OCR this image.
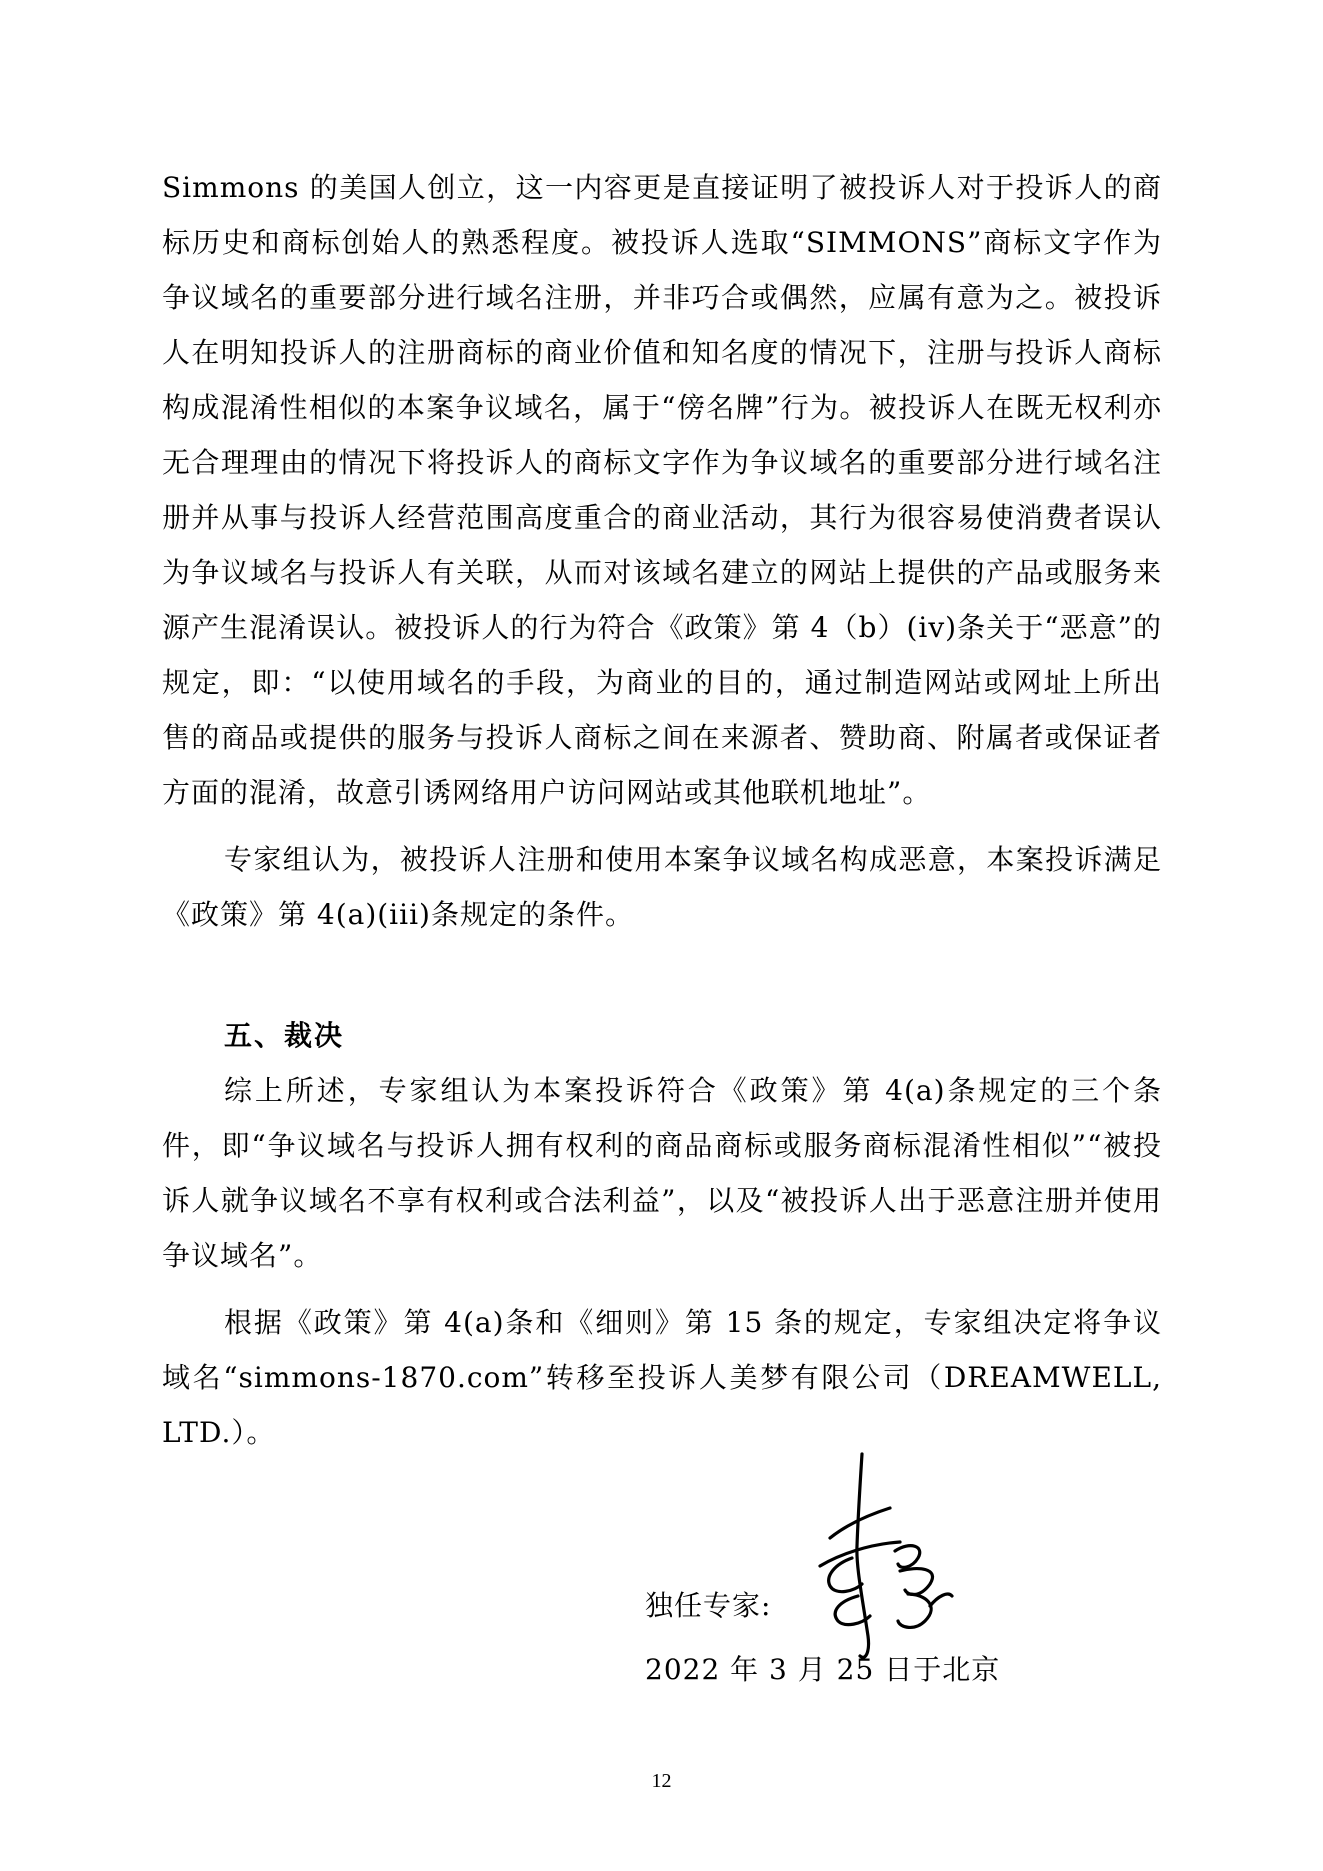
Simmons 的美国人创立，这一内容更是直接证明了被投诉人对于投诉人的商标历史和商标创始人的熟悉程度。被投诉人选取“SIMMONS”商标文字作为争议域名的重要部分进行域名注册，并非巧合或偶然，应属有意为之。被投诉人在明知投诉人的注册商标的商业价值和知名度的情况下，注册与投诉人商标构成混淆性相似的本案争议域名，属于“傍名牌”行为。被投诉人在既无权利亦无合理理由的情况下将投诉人的商标文字作为争议域名的重要部分进行域名注册并从事与投诉人经营范围高度重合的商业活动，其行为很容易使消费者误认为争议域名与投诉人有关联，从而对该域名建立的网站上提供的产品或服务来源产生混淆误认。被投诉人的行为符合《政策》第 4（b）(iv)条关于“恶意”的规定，即：“以使用域名的手段，为商业的目的，通过制造网站或网址上所出售的商品或提供的服务与投诉人商标之间在来源者、赞助商、附属者或保证者方面的混淆，故意引诱网络用户访问网站或其他联机地址”。

专家组认为，被投诉人注册和使用本案争议域名构成恶意，本案投诉满足《政策》第 4(a)(iii)条规定的条件。

五、裁决

综上所述，专家组认为本案投诉符合《政策》第 4(a)条规定的三个条件，即“争议域名与投诉人拥有权利的商品商标或服务商标混淆性相似”“被投诉人就争议域名不享有权利或合法利益”，以及“被投诉人出于恶意注册并使用争议域名”。

根据《政策》第 4(a)条和《细则》第 15 条的规定，专家组决定将争议域名“simmons-1870.com”转移至投诉人美梦有限公司（DREAMWELL, LTD.）。

独任专家:
2022 年 3 月 25 日于北京
12
